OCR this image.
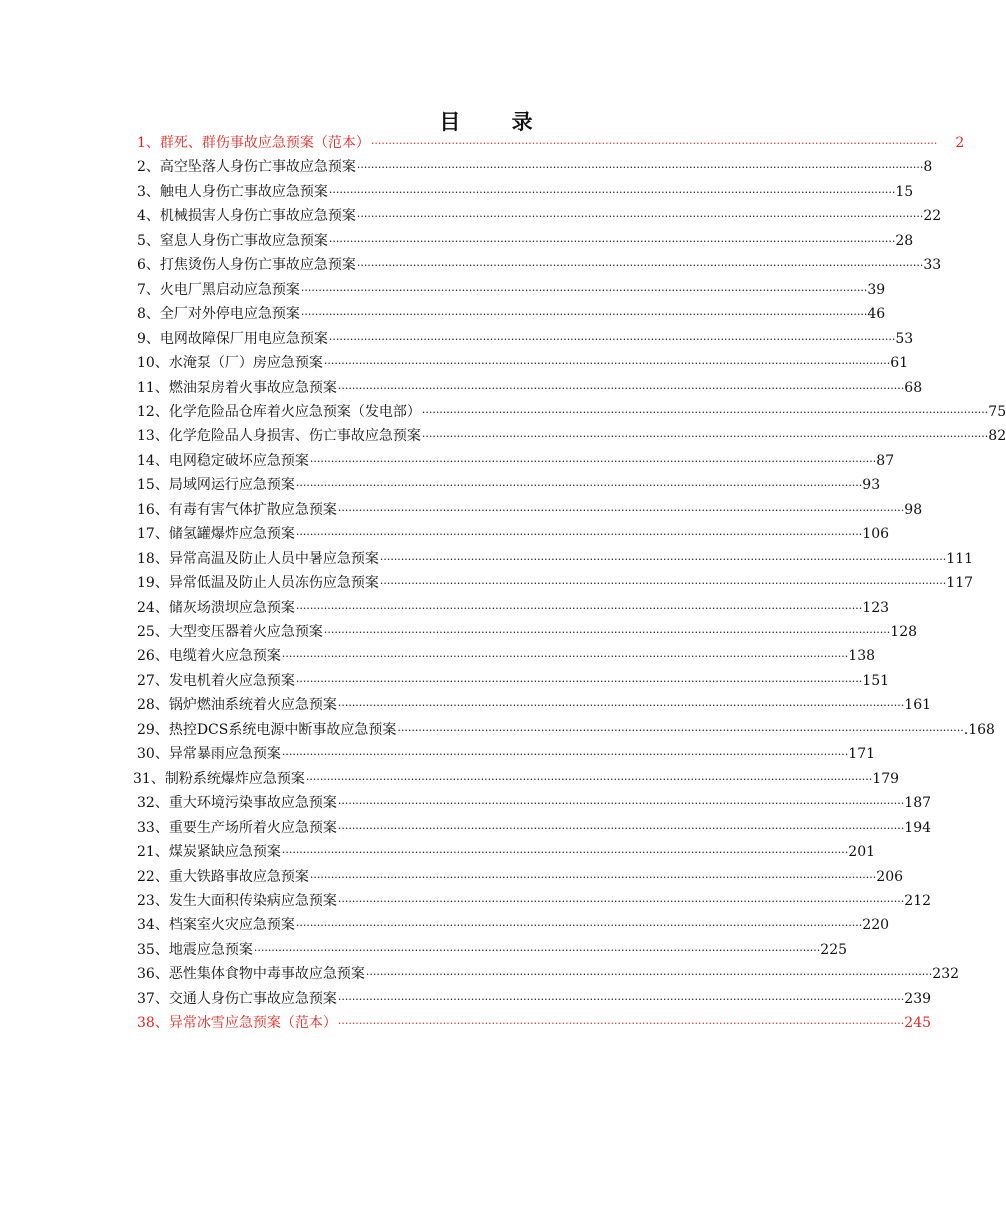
目 录
1、群死、群伤事故应急预案（范本） ··································································································································································	2
2、高空坠落人身伤亡事故应急预案 ·································································································································································· 8
3、触电人身伤亡事故应急预案 ·································································································································································· 15
4、机械损害人身伤亡事故应急预案 ·································································································································································· 22
5、窒息人身伤亡事故应急预案 ·································································································································································· 28
6、打焦烫伤人身伤亡事故应急预案 ·································································································································································· 33
7、火电厂黑启动应急预案 ·································································································································································· 39
8、全厂对外停电应急预案 ·································································································································································· 46
9、电网故障保厂用电应急预案 ·································································································································································· 53
10、水淹泵（厂）房应急预案 ·································································································································································· 61
11、燃油泵房着火事故应急预案 ·································································································································································· 68
12、化学危险品仓库着火应急预案（发电部） ·································································································································································· 75
13、化学危险品人身损害、伤亡事故应急预案 ·································································································································································· 82
14、电网稳定破坏应急预案 ·································································································································································· 87
15、局域网运行应急预案 ·································································································································································· 93
16、有毒有害气体扩散应急预案 ·································································································································································· 98
17、储氢罐爆炸应急预案 ·································································································································································· 106
18、异常高温及防止人员中暑应急预案 ·································································································································································· 111
19、异常低温及防止人员冻伤应急预案 ·································································································································································· 117
24、储灰场溃坝应急预案 ·································································································································································· 123
25、大型变压器着火应急预案 ·································································································································································· 128
26、电缆着火应急预案 ·································································································································································· 138
27、发电机着火应急预案 ·································································································································································· 151
28、锅炉燃油系统着火应急预案 ·································································································································································· 161
29、热控DCS系统电源中断事故应急预案 ·································································································································································· .168
30、异常暴雨应急预案 ·································································································································································· 171
31、制粉系统爆炸应急预案 ·································································································································································· 179
32、重大环境污染事故应急预案 ·································································································································································· 187
33、重要生产场所着火应急预案 ·································································································································································· 194
21、煤炭紧缺应急预案 ·································································································································································· 201
22、重大铁路事故应急预案 ·································································································································································· 206
23、发生大面积传染病应急预案 ·································································································································································· 212
34、档案室火灾应急预案 ·································································································································································· 220
35、地震应急预案 ·································································································································································· 225
36、恶性集体食物中毒事故应急预案 ·································································································································································· 232
37、交通人身伤亡事故应急预案 ·································································································································································· 239
38、异常冰雪应急预案（范本） ·································································································································································· 245
